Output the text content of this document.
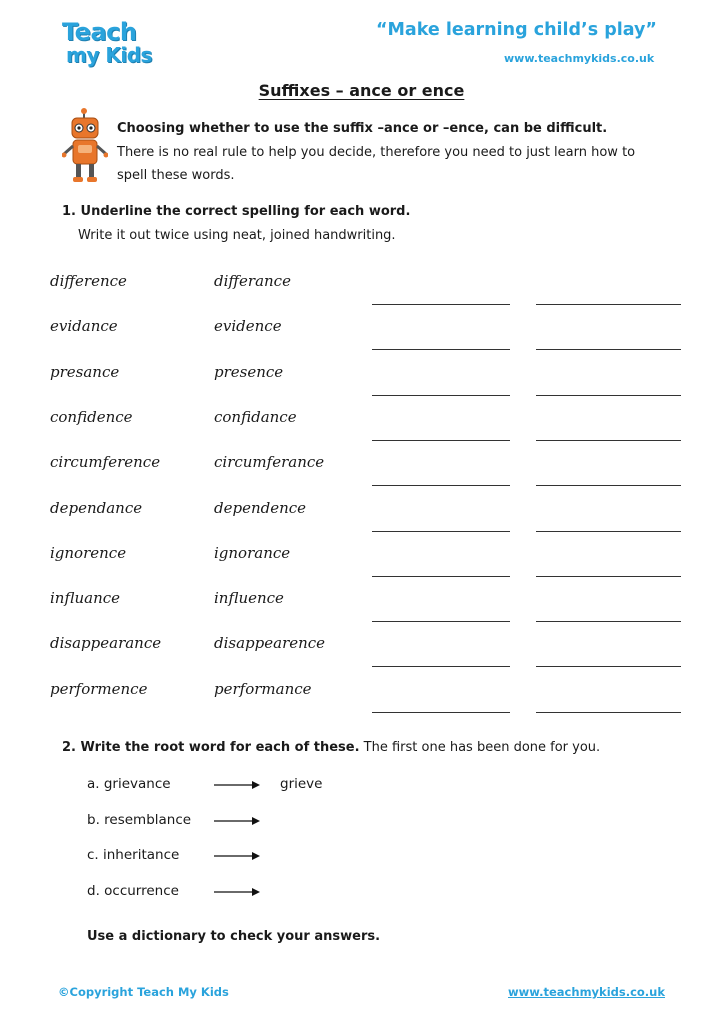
Teach
my Kids
“Make learning child’s play”
www.teachmykids.co.uk
Suffixes – ance or ence
Choosing whether to use the suffix –ance or –ence, can be difficult.
There is no real rule to help you decide, therefore you need to just learn how to
spell these words.
1. Underline the correct spelling for each word.
Write it out twice using neat, joined handwriting.
difference	differance
evidance	evidence
presance	presence
confidence	confidance
circumference	circumferance
dependance	dependence
ignorence	ignorance
influance	influence
disappearance	disappearence
performence	performance
2. Write the root word for each of these. The first one has been done for you.
a. grievance	grieve
b. resemblance
c. inheritance
d. occurrence
Use a dictionary to check your answers.
©Copyright Teach My Kids	www.teachmykids.co.uk
